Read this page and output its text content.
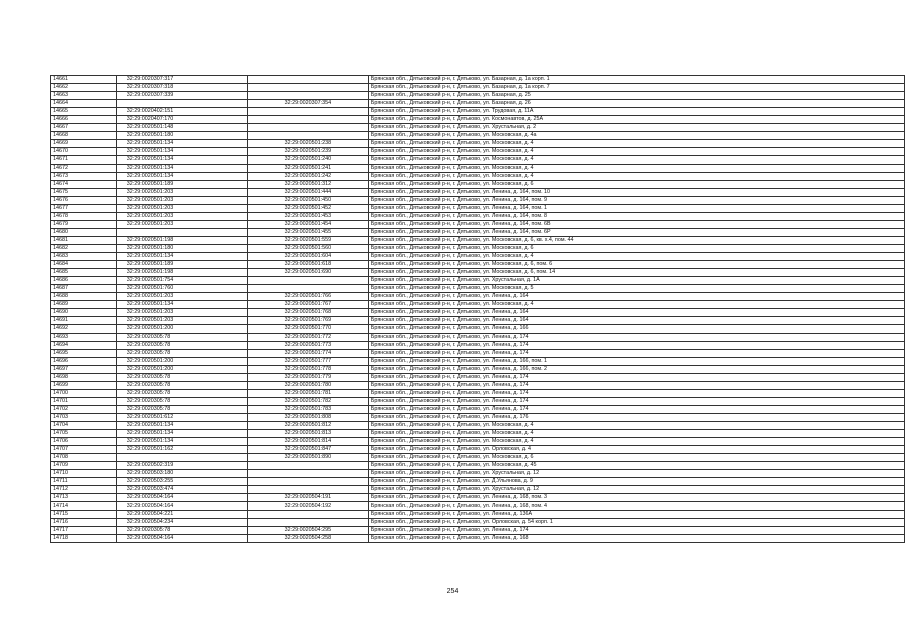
14661	32:29:0020307:317		Брянская обл., Дятьковский р-н, г. Дятьково, ул. Базарная, д. 1а корп. 1
14662	32:29:0020307:318		Брянская обл., Дятьковский р-н, г. Дятьково, ул. Базарная, д. 1а корп. 7
14663	32:29:0020307:339		Брянская обл., Дятьковский р-н, г. Дятьково, ул. Базарная, д. 25
14664		32:29:0020307:354	Брянская обл., Дятьковский р-н, г. Дятьково, ул. Базарная, д. 26
14665	32:29:0020402:151		Брянская обл., Дятьковский р-н, г. Дятьково, ул. Трудовая, д. 11А
14666	32:29:0020407:170		Брянская обл., Дятьковский р-н, г. Дятьково, ул. Космонавтов, д. 25А
14667	32:29:0020501:148		Брянская обл., Дятьковский р-н, г. Дятьково, ул. Хрустальная, д. 2
14668	32:29:0020501:180		Брянская обл., Дятьковский р-н, г. Дятьково, ул. Московская, д. 4а
14669	32:29:0020501:134	32:29:0020501:238	Брянская обл., Дятьковский р-н, г. Дятьково, ул. Московская, д. 4
14670	32:29:0020501:134	32:29:0020501:239	Брянская обл., Дятьковский р-н, г. Дятьково, ул. Московская, д. 4
14671	32:29:0020501:134	32:29:0020501:240	Брянская обл., Дятьковский р-н, г. Дятьково, ул. Московская, д. 4
14672	32:29:0020501:134	32:29:0020501:241	Брянская обл., Дятьковский р-н, г. Дятьково, ул. Московская, д. 4
14673	32:29:0020501:134	32:29:0020501:242	Брянская обл., Дятьковский р-н, г. Дятьково, ул. Московская, д. 4
14674	32:29:0020501:189	32:29:0020501:312	Брянская обл., Дятьковский р-н, г. Дятьково, ул. Московская, д. 6
14675	32:29:0020501:203	32:29:0020501:444	Брянская обл., Дятьковский р-н, г. Дятьково, ул. Ленина, д. 164, пом. 10
14676	32:29:0020501:203	32:29:0020501:450	Брянская обл., Дятьковский р-н, г. Дятьково, ул. Ленина, д. 164, пом. 9
14677	32:29:0020501:203	32:29:0020501:452	Брянская обл., Дятьковский р-н, г. Дятьково, ул. Ленина, д. 164, пом. 1
14678	32:29:0020501:203	32:29:0020501:453	Брянская обл., Дятьковский р-н, г. Дятьково, ул. Ленина, д. 164, пом. 8
14679	32:29:0020501:203	32:29:0020501:454	Брянская обл., Дятьковский р-н, г. Дятьково, ул. Ленина, д. 164, пом. 6В
14680		32:29:0020501:455	Брянская обл., Дятьковский р-н, г. Дятьково, ул. Ленина, д. 164, пом. 6Р
14681	32:29:0020501:198	32:29:0020501:559	Брянская обл., Дятьковский р-н, г. Дятьково, ул. Московская, д. 6, кв. х.4, пом. 44
14682	32:29:0020501:180	32:29:0020501:560	Брянская обл., Дятьковский р-н, г. Дятьково, ул. Московская, д. 6
14683	32:29:0020501:134	32:29:0020501:604	Брянская обл., Дятьковский р-н, г. Дятьково, ул. Московская, д. 4
14684	32:29:0020501:189	32:29:0020501:618	Брянская обл., Дятьковский р-н, г. Дятьково, ул. Московская, д. 6, пом. 6
14685	32:29:0020501:198	32:29:0020501:690	Брянская обл., Дятьковский р-н, г. Дятьково, ул. Московская, д. 6, пом. 14
14686	32:29:0020501:754		Брянская обл., Дятьковский р-н, г. Дятьково, ул. Хрустальная, д. 1А
14687	32:29:0020501:760		Брянская обл., Дятьковский р-н, г. Дятьково, ул. Московская, д. 5
14688	32:29:0020501:203	32:29:0020501:766	Брянская обл., Дятьковский р-н, г. Дятьково, ул. Ленина, д. 164
14689	32:29:0020501:134	32:29:0020501:767	Брянская обл., Дятьковский р-н, г. Дятьково, ул. Московская, д. 4
14690	32:29:0020501:203	32:29:0020501:768	Брянская обл., Дятьковский р-н, г. Дятьково, ул. Ленина, д. 164
14691	32:29:0020501:203	32:29:0020501:769	Брянская обл., Дятьковский р-н, г. Дятьково, ул. Ленина, д. 164
14692	32:29:0020501:200	32:29:0020501:770	Брянская обл., Дятьковский р-н, г. Дятьково, ул. Ленина, д. 166
14693	32:29:0020305:78	32:29:0020501:772	Брянская обл., Дятьковский р-н, г. Дятьково, ул. Ленина, д. 174
14694	32:29:0020305:78	32:29:0020501:773	Брянская обл., Дятьковский р-н, г. Дятьково, ул. Ленина, д. 174
14695	32:29:0020305:78	32:29:0020501:774	Брянская обл., Дятьковский р-н, г. Дятьково, ул. Ленина, д. 174
14696	32:29:0020501:200	32:29:0020501:777	Брянская обл., Дятьковский р-н, г. Дятьково, ул. Ленина, д. 166, пом. 1
14697	32:29:0020501:200	32:29:0020501:778	Брянская обл., Дятьковский р-н, г. Дятьково, ул. Ленина, д. 166, пом. 2
14698	32:29:0020305:78	32:29:0020501:779	Брянская обл., Дятьковский р-н, г. Дятьково, ул. Ленина, д. 174
14699	32:29:0020305:78	32:29:0020501:780	Брянская обл., Дятьковский р-н, г. Дятьково, ул. Ленина, д. 174
14700	32:29:0020305:78	32:29:0020501:781	Брянская обл., Дятьковский р-н, г. Дятьково, ул. Ленина, д. 174
14701	32:29:0020305:78	32:29:0020501:782	Брянская обл., Дятьковский р-н, г. Дятьково, ул. Ленина, д. 174
14702	32:29:0020305:78	32:29:0020501:783	Брянская обл., Дятьковский р-н, г. Дятьково, ул. Ленина, д. 174
14703	32:29:0020501:612	32:29:0020501:808	Брянская обл., Дятьковский р-н, г. Дятьково, ул. Ленина, д. 176
14704	32:29:0020501:134	32:29:0020501:812	Брянская обл., Дятьковский р-н, г. Дятьково, ул. Московская, д. 4
14705	32:29:0020501:134	32:29:0020501:813	Брянская обл., Дятьковский р-н, г. Дятьково, ул. Московская, д. 4
14706	32:29:0020501:134	32:29:0020501:814	Брянская обл., Дятьковский р-н, г. Дятьково, ул. Московская, д. 4
14707	32:29:0020501:162	32:29:0020501:847	Брянская обл., Дятьковский р-н, г. Дятьково, ул. Орловская, д. 4
14708		32:29:0020501:890	Брянская обл., Дятьковский р-н, г. Дятьково, ул. Московская, д. 6
14709	32:29:0020502:319		Брянская обл., Дятьковский р-н, г. Дятьково, ул. Московская, д. 45
14710	32:29:0020503:180		Брянская обл., Дятьковский р-н, г. Дятьково, ул. Хрустальная, д. 12
14711	32:29:0020503:255		Брянская обл., Дятьковский р-н, г. Дятьково, ул. Д.Ульянова, д. 9
14712	32:29:0020503:474		Брянская обл., Дятьковский р-н, г. Дятьково, ул. Хрустальная, д. 12
14713	32:29:0020504:164	32:29:0020504:191	Брянская обл., Дятьковский р-н, г. Дятьково, ул. Ленина, д. 168, пом. 3
14714	32:29:0020504:164	32:29:0020504:192	Брянская обл., Дятьковский р-н, г. Дятьково, ул. Ленина, д. 168, пом. 4
14715	32:29:0020504:221		Брянская обл., Дятьковский р-н, г. Дятьково, ул. Ленина, д. 136А
14716	32:29:0020504:234		Брянская обл., Дятьковский р-н, г. Дятьково, ул. Орловская, д. 54 корп. 1
14717	32:29:0020305:78	32:29:0020504:295	Брянская обл., Дятьковский р-н, г. Дятьково, ул. Ленина, д. 174
14718	32:29:0020504:164	32:29:0020504:258	Брянская обл., Дятьковский р-н, г. Дятьково, ул. Ленина, д. 168
254
